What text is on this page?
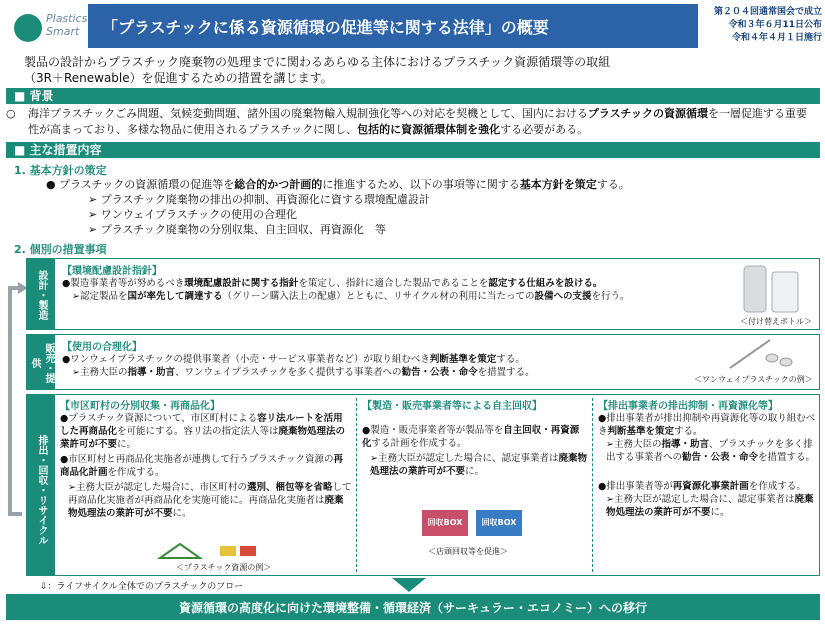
Plastics
Smart	「プラスチックに係る資源循環の促進等に関する法律」の概要
第２０４回通常国会で成立
令和３年６月11日公布
令和４年４月１日施行
製品の設計からプラスチック廃棄物の処理までに関わるあらゆる主体におけるプラスチック資源循環等の取組
（3R＋Renewable）を促進するための措置を講じます。
■ 背景
○	海洋プラスチックごみ問題、気候変動問題、諸外国の廃棄物輸入規制強化等への対応を契機として、国内におけるプラスチックの資源循環を一層促進する重要性が高まっており、多様な物品に使用されるプラスチックに関し、包括的に資源循環体制を強化する必要がある。
■ 主な措置内容
1. 基本方針の策定
● プラスチックの資源循環の促進等を総合的かつ計画的に推進するため、以下の事項等に関する基本方針を策定する。
➢ プラスチック廃棄物の排出の抑制、再資源化に資する環境配慮設計
➢ ワンウェイプラスチックの使用の合理化
➢ プラスチック廃棄物の分別収集、自主回収、再資源化　等
2. 個別の措置事項
設計・製造 【環境配慮設計指針】
●製造事業者等が努めるべき環境配慮設計に関する指針を策定し、指針に適合した製品であることを認定する仕組みを設ける。
➢認定製品を国が率先して調達する（グリーン購入法上の配慮）とともに、リサイクル材の利用に当たっての設備への支援を行う。
＜付け替えボトル＞
販売・提供
【使用の合理化】
●ワンウェイプラスチックの提供事業者（小売・サービス事業者など）が取り組むべき判断基準を策定する。
➢主務大臣の指導・助言、ワンウェイプラスチックを多く提供する事業者への勧告・公表・命令を措置する。
＜ワンウェイプラスチックの例＞
排出・回収・リサイクル
【市区町村の分別収集・再商品化】
●プラスチック資源について、市区町村による容リ法ルートを活用した再商品化を可能にする。容リ法の指定法人等は廃棄物処理法の業許可が不要に。
●市区町村と再商品化実施者が連携して行うプラスチック資源の再商品化計画を作成する。
➢主務大臣が認定した場合に、市区町村の選別、梱包等を省略して再商品化実施者が再商品化を実施可能に。再商品化実施者は廃棄物処理法の業許可が不要に。
＜プラスチック資源の例＞
【製造・販売事業者等による自主回収】
●製造・販売事業者等が製品等を自主回収・再資源化する計画を作成する。
➢主務大臣が認定した場合に、認定事業者は廃棄物処理法の業許可が不要に。
回収BOX	回収BOX
＜店頭回収等を促進＞
【排出事業者の排出抑制・再資源化等】
●排出事業者が排出抑制や再資源化等の取り組むべき判断基準を策定する。
➢主務大臣の指導・助言、プラスチックを多く排出する事業者への勧告・公表・命令を措置する。
●排出事業者等が再資源化事業計画を作成する。
➢主務大臣が認定した場合に、認定事業者は廃棄物処理法の業許可が不要に。
⇩：ライフサイクル全体でのプラスチックのフロー
資源循環の高度化に向けた環境整備・循環経済（サーキュラー・エコノミー）への移行
